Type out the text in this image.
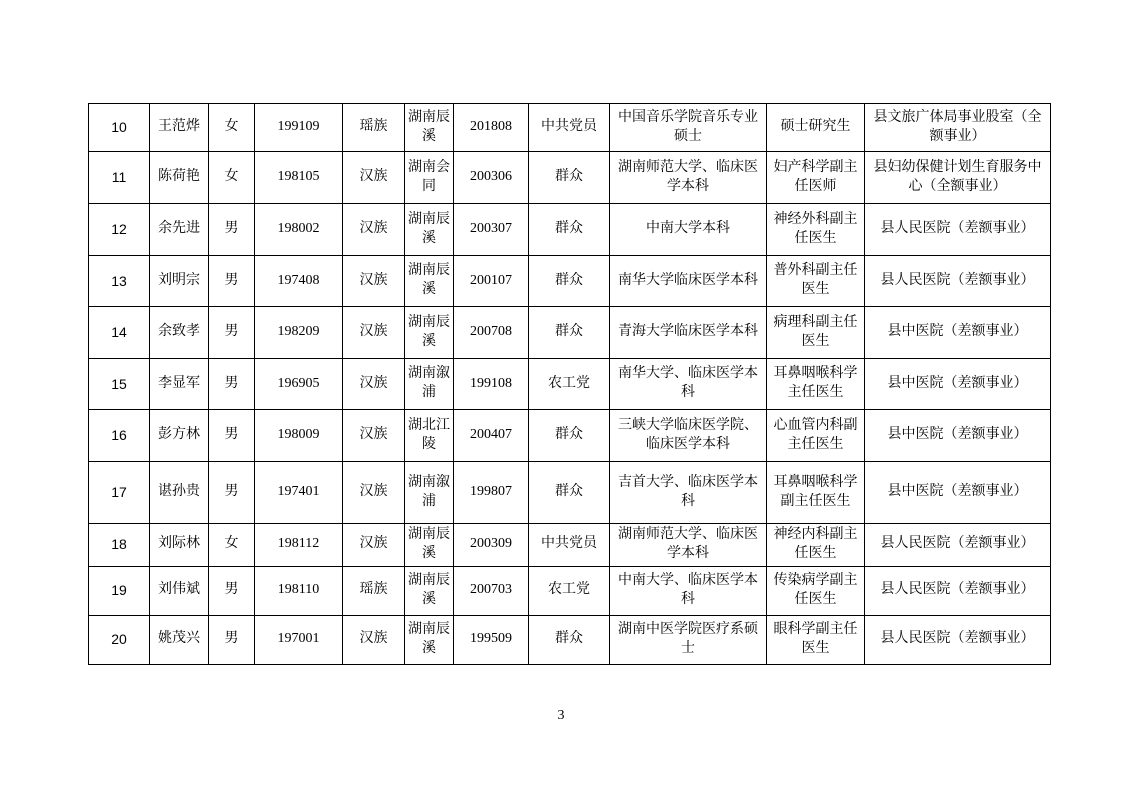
10	王范烨	女	199109	瑶族	湖南辰溪	201808	中共党员	中国音乐学院音乐专业硕士	硕士研究生	县文旅广体局事业股室（全额事业）
11	陈荷艳	女	198105	汉族	湖南会同	200306	群众	湖南师范大学、临床医学本科	妇产科学副主任医师	县妇幼保健计划生育服务中心（全额事业）
12	余先进	男	198002	汉族	湖南辰溪	200307	群众	中南大学本科	神经外科副主任医生	县人民医院（差额事业）
13	刘明宗	男	197408	汉族	湖南辰溪	200107	群众	南华大学临床医学本科	普外科副主任医生	县人民医院（差额事业）
14	余致孝	男	198209	汉族	湖南辰溪	200708	群众	青海大学临床医学本科	病理科副主任医生	县中医院（差额事业）
15	李显军	男	196905	汉族	湖南溆浦	199108	农工党	南华大学、临床医学本科	耳鼻咽喉科学主任医生	县中医院（差额事业）
16	彭方林	男	198009	汉族	湖北江陵	200407	群众	三峡大学临床医学院、临床医学本科	心血管内科副主任医生	县中医院（差额事业）
17	谌孙贵	男	197401	汉族	湖南溆浦	199807	群众	吉首大学、临床医学本科	耳鼻咽喉科学副主任医生	县中医院（差额事业）
18	刘际林	女	198112	汉族	湖南辰溪	200309	中共党员	湖南师范大学、临床医学本科	神经内科副主任医生	县人民医院（差额事业）
19	刘伟斌	男	198110	瑶族	湖南辰溪	200703	农工党	中南大学、临床医学本科	传染病学副主任医生	县人民医院（差额事业）
20	姚茂兴	男	197001	汉族	湖南辰溪	199509	群众	湖南中医学院医疗系硕士	眼科学副主任医生	县人民医院（差额事业）
3
